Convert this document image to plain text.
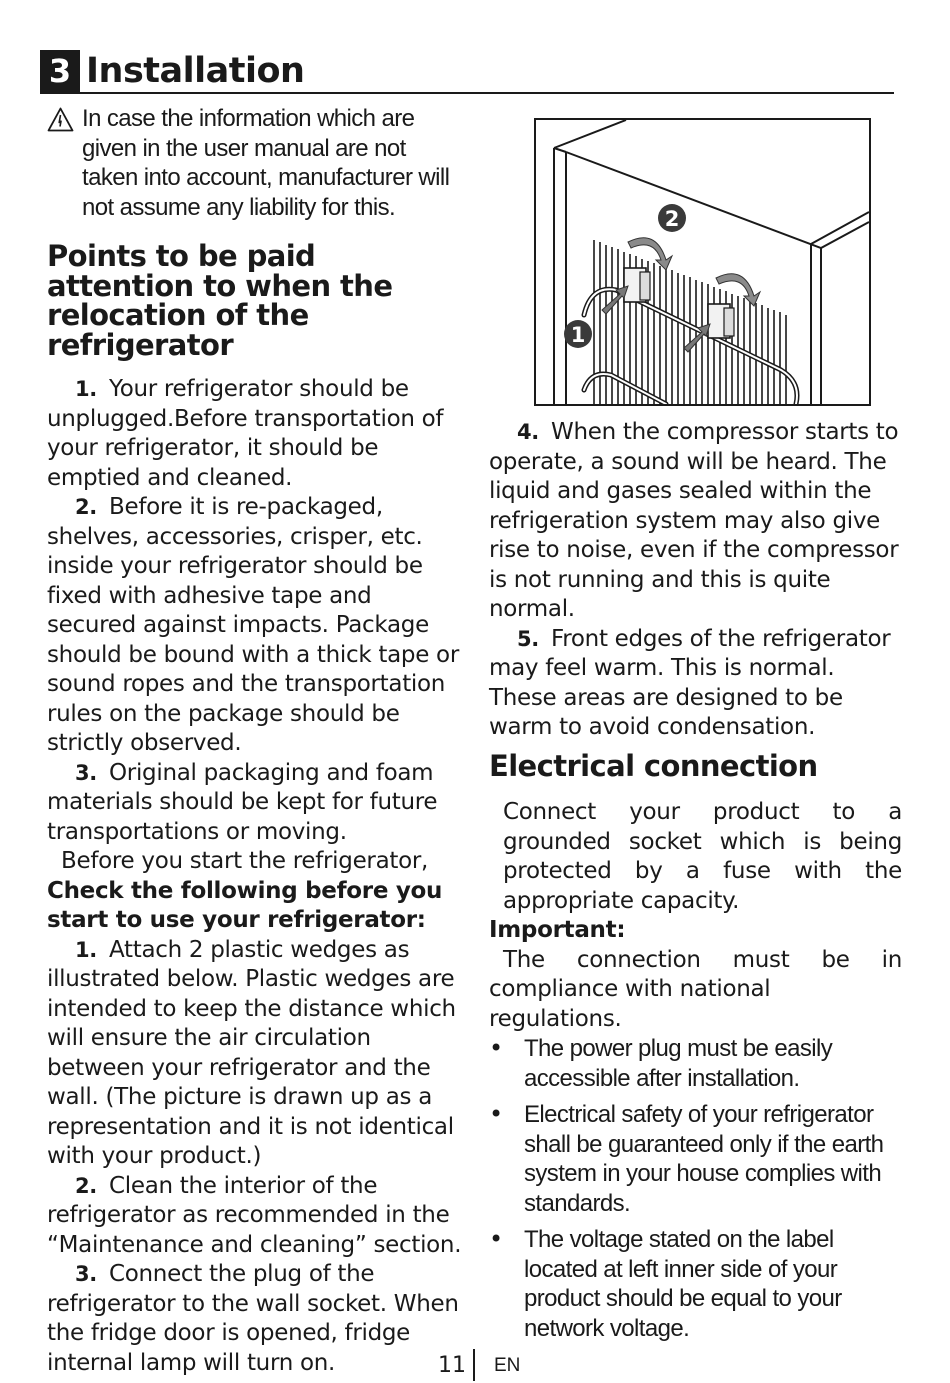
3 Installation
In case the information which are given in the user manual are not taken into account, manufacturer will not assume any liability for this.
Points to be paid attention to when the relocation of the refrigerator
1. Your refrigerator should be unplugged.Before transportation of your refrigerator, it should be emptied and cleaned.
2. Before it is re-packaged, shelves, accessories, crisper, etc. inside your refrigerator should be fixed with adhesive tape and secured against impacts. Package should be bound with a thick tape or sound ropes and the transportation rules on the package should be strictly observed.
3. Original packaging and foam materials should be kept for future transportations or moving.
Before you start the refrigerator,
Check the following before you start to use your refrigerator:
1. Attach 2 plastic wedges as illustrated below. Plastic wedges are intended to keep the distance which will ensure the air circulation between your refrigerator and the wall. (The picture is drawn up as a representation and it is not identical with your product.)
2. Clean the interior of the refrigerator as recommended in the “Maintenance and cleaning” section.
3. Connect the plug of the refrigerator to the wall socket. When the fridge door is opened, fridge internal lamp will turn on.
2
1
4. When the compressor starts to operate, a sound will be heard. The liquid and gases sealed within the refrigeration system may also give rise to noise, even if the compressor is not running and this is quite normal.
5. Front edges of the refrigerator may feel warm. This is normal. These areas are designed to be warm to avoid condensation.
Electrical connection
Connect your product to a grounded socket which is being protected by a fuse with the appropriate capacity.
Important:
The connection must be in
compliance with national regulations.
• The power plug must be easily accessible after installation.
• Electrical safety of your refrigerator shall be guaranteed only if the earth system in your house complies with standards.
• The voltage stated on the label located at left inner side of your product should be equal to your network voltage.
11 EN
